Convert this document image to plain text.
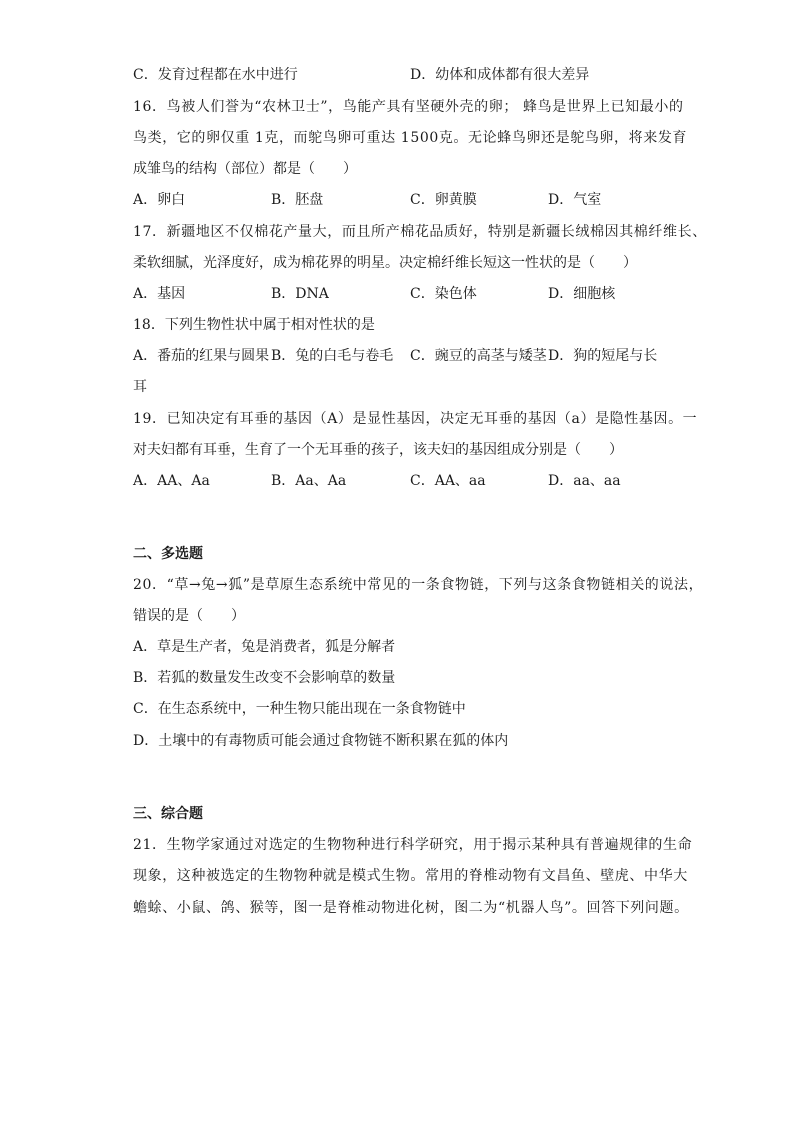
C．发育过程都在水中进行	D．幼体和成体都有很大差异
16．鸟被人们誉为“农林卫士”，鸟能产具有坚硬外壳的卵； 蜂鸟是世界上已知最小的
鸟类，它的卵仅重 1克，而鸵鸟卵可重达 1500克。无论蜂鸟卵还是鸵鸟卵，将来发育
成雏鸟的结构（部位）都是（　　）
A．卵白	B．胚盘	C．卵黄膜	D．气室
17．新疆地区不仅棉花产量大，而且所产棉花品质好，特别是新疆长绒棉因其棉纤维长、
柔软细腻，光泽度好，成为棉花界的明星。决定棉纤维长短这一性状的是（　　）
A．基因	B．DNA	C．染色体	D．细胞核
18．下列生物性状中属于相对性状的是
A．番茄的红果与圆果 B．兔的白毛与卷毛 C．豌豆的高茎与矮茎 D．狗的短尾与长
耳
19．已知决定有耳垂的基因（A）是显性基因，决定无耳垂的基因（a）是隐性基因。一
对夫妇都有耳垂，生育了一个无耳垂的孩子，该夫妇的基因组成分别是（　　）
A．AA、Aa	B．Aa、Aa	C．AA、aa	D．aa、aa
二、多选题
20．“草→兔→狐”是草原生态系统中常见的一条食物链，下列与这条食物链相关的说法，
错误的是（　　）
A．草是生产者，兔是消费者，狐是分解者
B．若狐的数量发生改变不会影响草的数量
C．在生态系统中，一种生物只能出现在一条食物链中
D．土壤中的有毒物质可能会通过食物链不断积累在狐的体内
三、综合题
21．生物学家通过对选定的生物物种进行科学研究，用于揭示某种具有普遍规律的生命
现象，这种被选定的生物物种就是模式生物。常用的脊椎动物有文昌鱼、壁虎、中华大
蟾蜍、小鼠、鸽、猴等，图一是脊椎动物进化树，图二为“机器人鸟”。回答下列问题。
